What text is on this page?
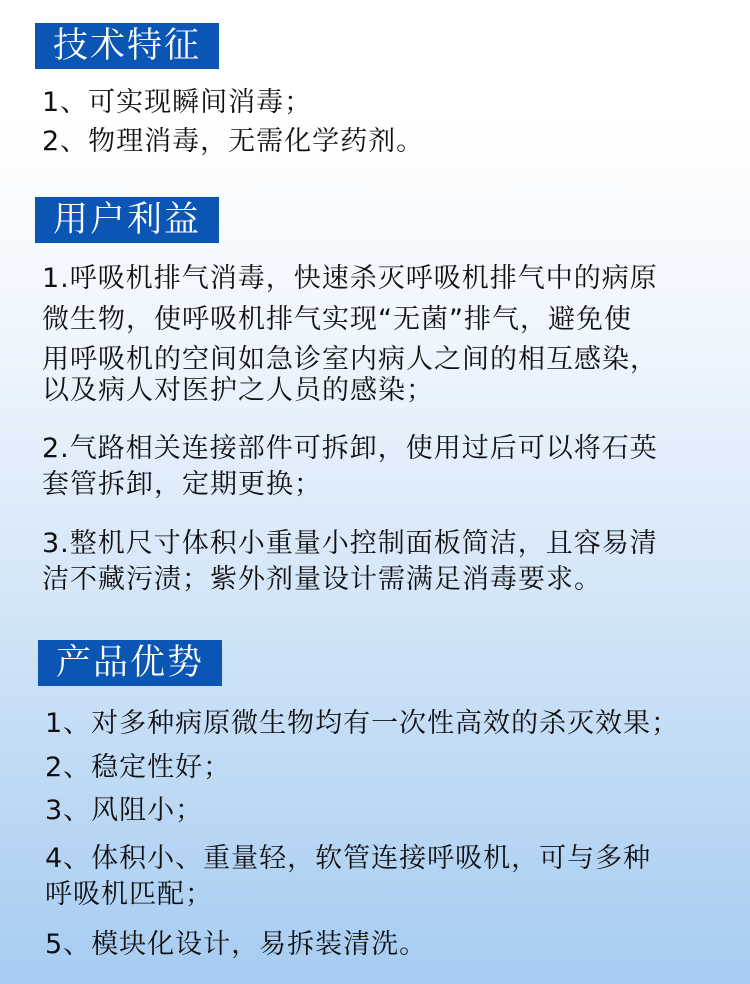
技术特征
1、可实现瞬间消毒；
2、物理消毒，无需化学药剂。
用户利益
1.呼吸机排气消毒，快速杀灭呼吸机排气中的病原
微生物，使呼吸机排气实现“无菌”排气，避免使
用呼吸机的空间如急诊室内病人之间的相互感染，
以及病人对医护之人员的感染；
2.气路相关连接部件可拆卸，使用过后可以将石英
套管拆卸，定期更换；
3.整机尺寸体积小重量小控制面板简洁，且容易清
洁不藏污渍；紫外剂量设计需满足消毒要求。
产品优势
1、对多种病原微生物均有一次性高效的杀灭效果；
2、稳定性好；
3、风阻小；
4、体积小、重量轻，软管连接呼吸机，可与多种
呼吸机匹配；
5、模块化设计，易拆装清洗。
